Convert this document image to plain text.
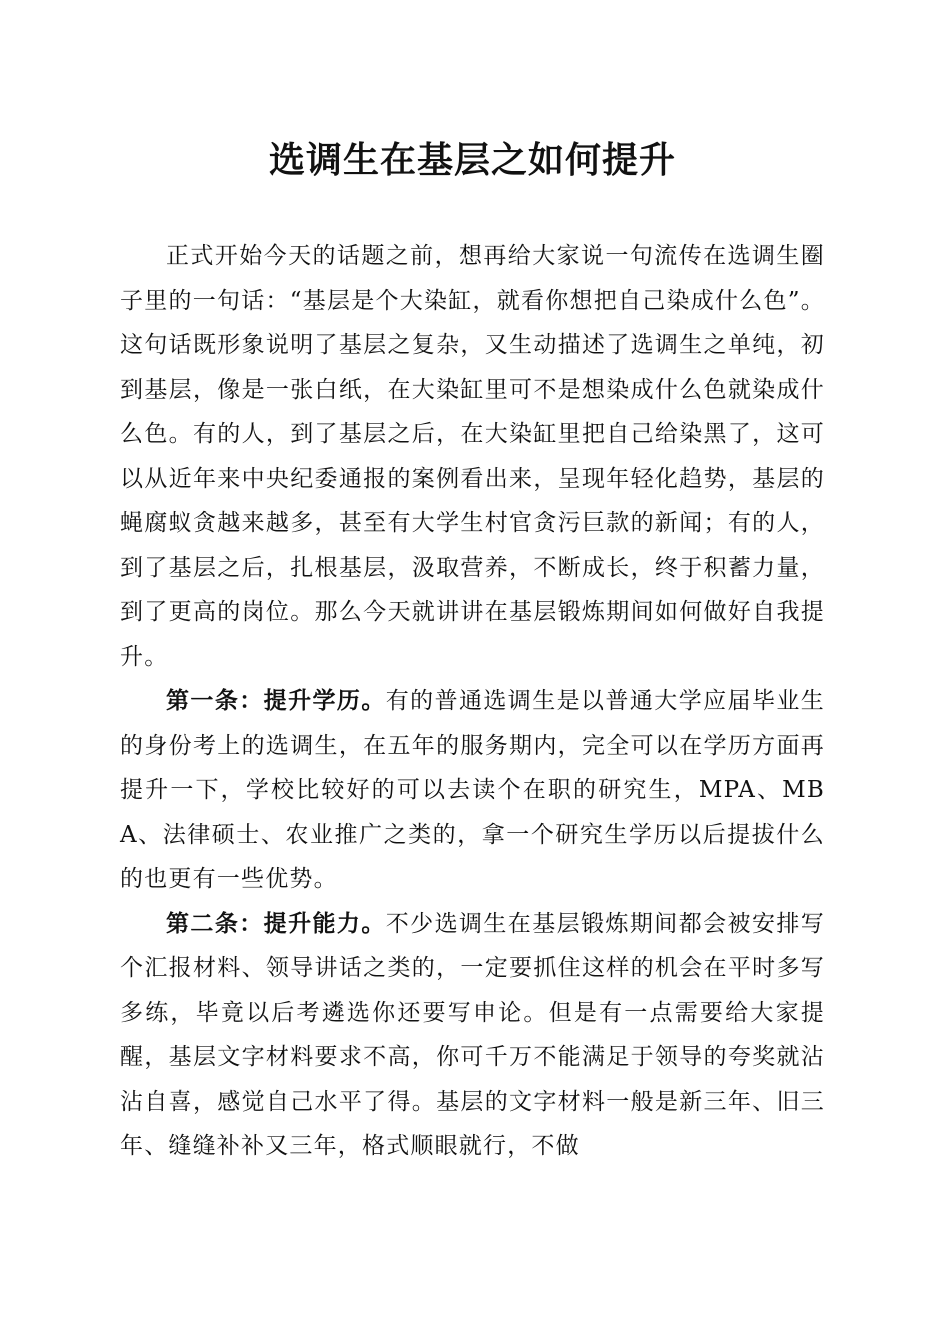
选调生在基层之如何提升

正式开始今天的话题之前，想再给大家说一句流传在选调生圈子里的一句话：“基层是个大染缸，就看你想把自己染成什么色”。这句话既形象说明了基层之复杂，又生动描述了选调生之单纯，初到基层，像是一张白纸，在大染缸里可不是想染成什么色就染成什么色。有的人，到了基层之后，在大染缸里把自己给染黑了，这可以从近年来中央纪委通报的案例看出来，呈现年轻化趋势，基层的蝇腐蚁贪越来越多，甚至有大学生村官贪污巨款的新闻；有的人，到了基层之后，扎根基层，汲取营养，不断成长，终于积蓄力量，到了更高的岗位。那么今天就讲讲在基层锻炼期间如何做好自我提升。

第一条：提升学历。有的普通选调生是以普通大学应届毕业生的身份考上的选调生，在五年的服务期内，完全可以在学历方面再提升一下，学校比较好的可以去读个在职的研究生，MPA、MBA、法律硕士、农业推广之类的，拿一个研究生学历以后提拔什么的也更有一些优势。

第二条：提升能力。不少选调生在基层锻炼期间都会被安排写个汇报材料、领导讲话之类的，一定要抓住这样的机会在平时多写多练，毕竟以后考遴选你还要写申论。但是有一点需要给大家提醒，基层文字材料要求不高，你可千万不能满足于领导的夸奖就沾沾自喜，感觉自己水平了得。基层的文字材料一般是新三年、旧三年、缝缝补补又三年，格式顺眼就行，不做
